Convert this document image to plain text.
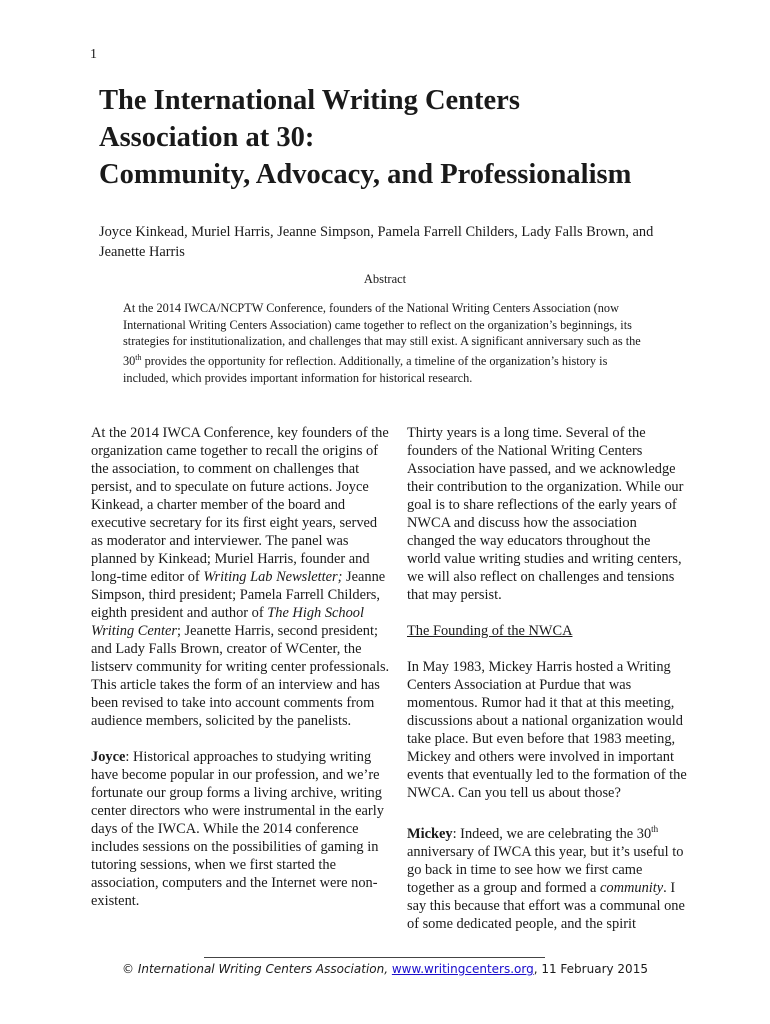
1
The International Writing Centers
Association at 30:
Community, Advocacy, and Professionalism
Joyce Kinkead, Muriel Harris, Jeanne Simpson, Pamela Farrell Childers, Lady Falls Brown, and Jeanette Harris
Abstract
At the 2014 IWCA/NCPTW Conference, founders of the National Writing Centers Association (now International Writing Centers Association) came together to reflect on the organization’s beginnings, its strategies for institutionalization, and challenges that may still exist. A significant anniversary such as the 30th provides the opportunity for reflection. Additionally, a timeline of the organization’s history is included, which provides important information for historical research.

At the 2014 IWCA Conference, key founders of the organization came together to recall the origins of the association, to comment on challenges that persist, and to speculate on future actions. Joyce Kinkead, a charter member of the board and executive secretary for its first eight years, served as moderator and interviewer. The panel was planned by Kinkead; Muriel Harris, founder and long-time editor of Writing Lab Newsletter; Jeanne Simpson, third president; Pamela Farrell Childers, eighth president and author of The High School Writing Center; Jeanette Harris, second president; and Lady Falls Brown, creator of WCenter, the listserv community for writing center professionals. This article takes the form of an interview and has been revised to take into account comments from audience members, solicited by the panelists.

Joyce: Historical approaches to studying writing have become popular in our profession, and we’re fortunate our group forms a living archive, writing center directors who were instrumental in the early days of the IWCA. While the 2014 conference includes sessions on the possibilities of gaming in tutoring sessions, when we first started the association, computers and the Internet were non-existent.

Thirty years is a long time. Several of the founders of the National Writing Centers Association have passed, and we acknowledge their contribution to the organization. While our goal is to share reflections of the early years of NWCA and discuss how the association changed the way educators throughout the world value writing studies and writing centers, we will also reflect on challenges and tensions that may persist.

The Founding of the NWCA

In May 1983, Mickey Harris hosted a Writing Centers Association at Purdue that was momentous. Rumor had it that at this meeting, discussions about a national organization would take place. But even before that 1983 meeting, Mickey and others were involved in important events that eventually led to the formation of the NWCA. Can you tell us about those?

Mickey: Indeed, we are celebrating the 30th anniversary of IWCA this year, but it’s useful to go back in time to see how we first came together as a group and formed a community. I say this because that effort was a communal one of some dedicated people, and the spirit

© International Writing Centers Association, www.writingcenters.org, 11 February 2015
